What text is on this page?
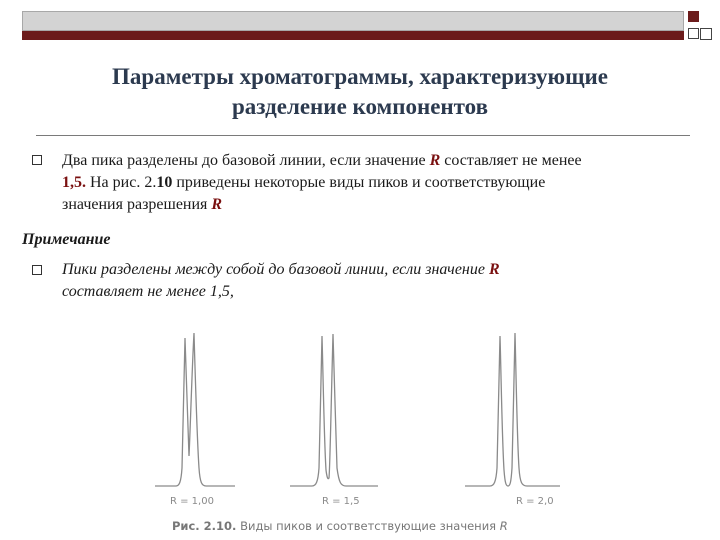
Параметры хроматограммы, характеризующие
разделение компонентов
Два пика разделены до базовой линии, если значение R составляет не менее
1,5. На рис. 2.10 приведены некоторые виды пиков и соответствующие
значения разрешения R
Примечание
Пики разделены между собой до базовой линии, если значение R
составляет не менее 1,5,
R = 1,00	R = 1,5	R = 2,0
Рис. 2.10. Виды пиков и соответствующие значения R
